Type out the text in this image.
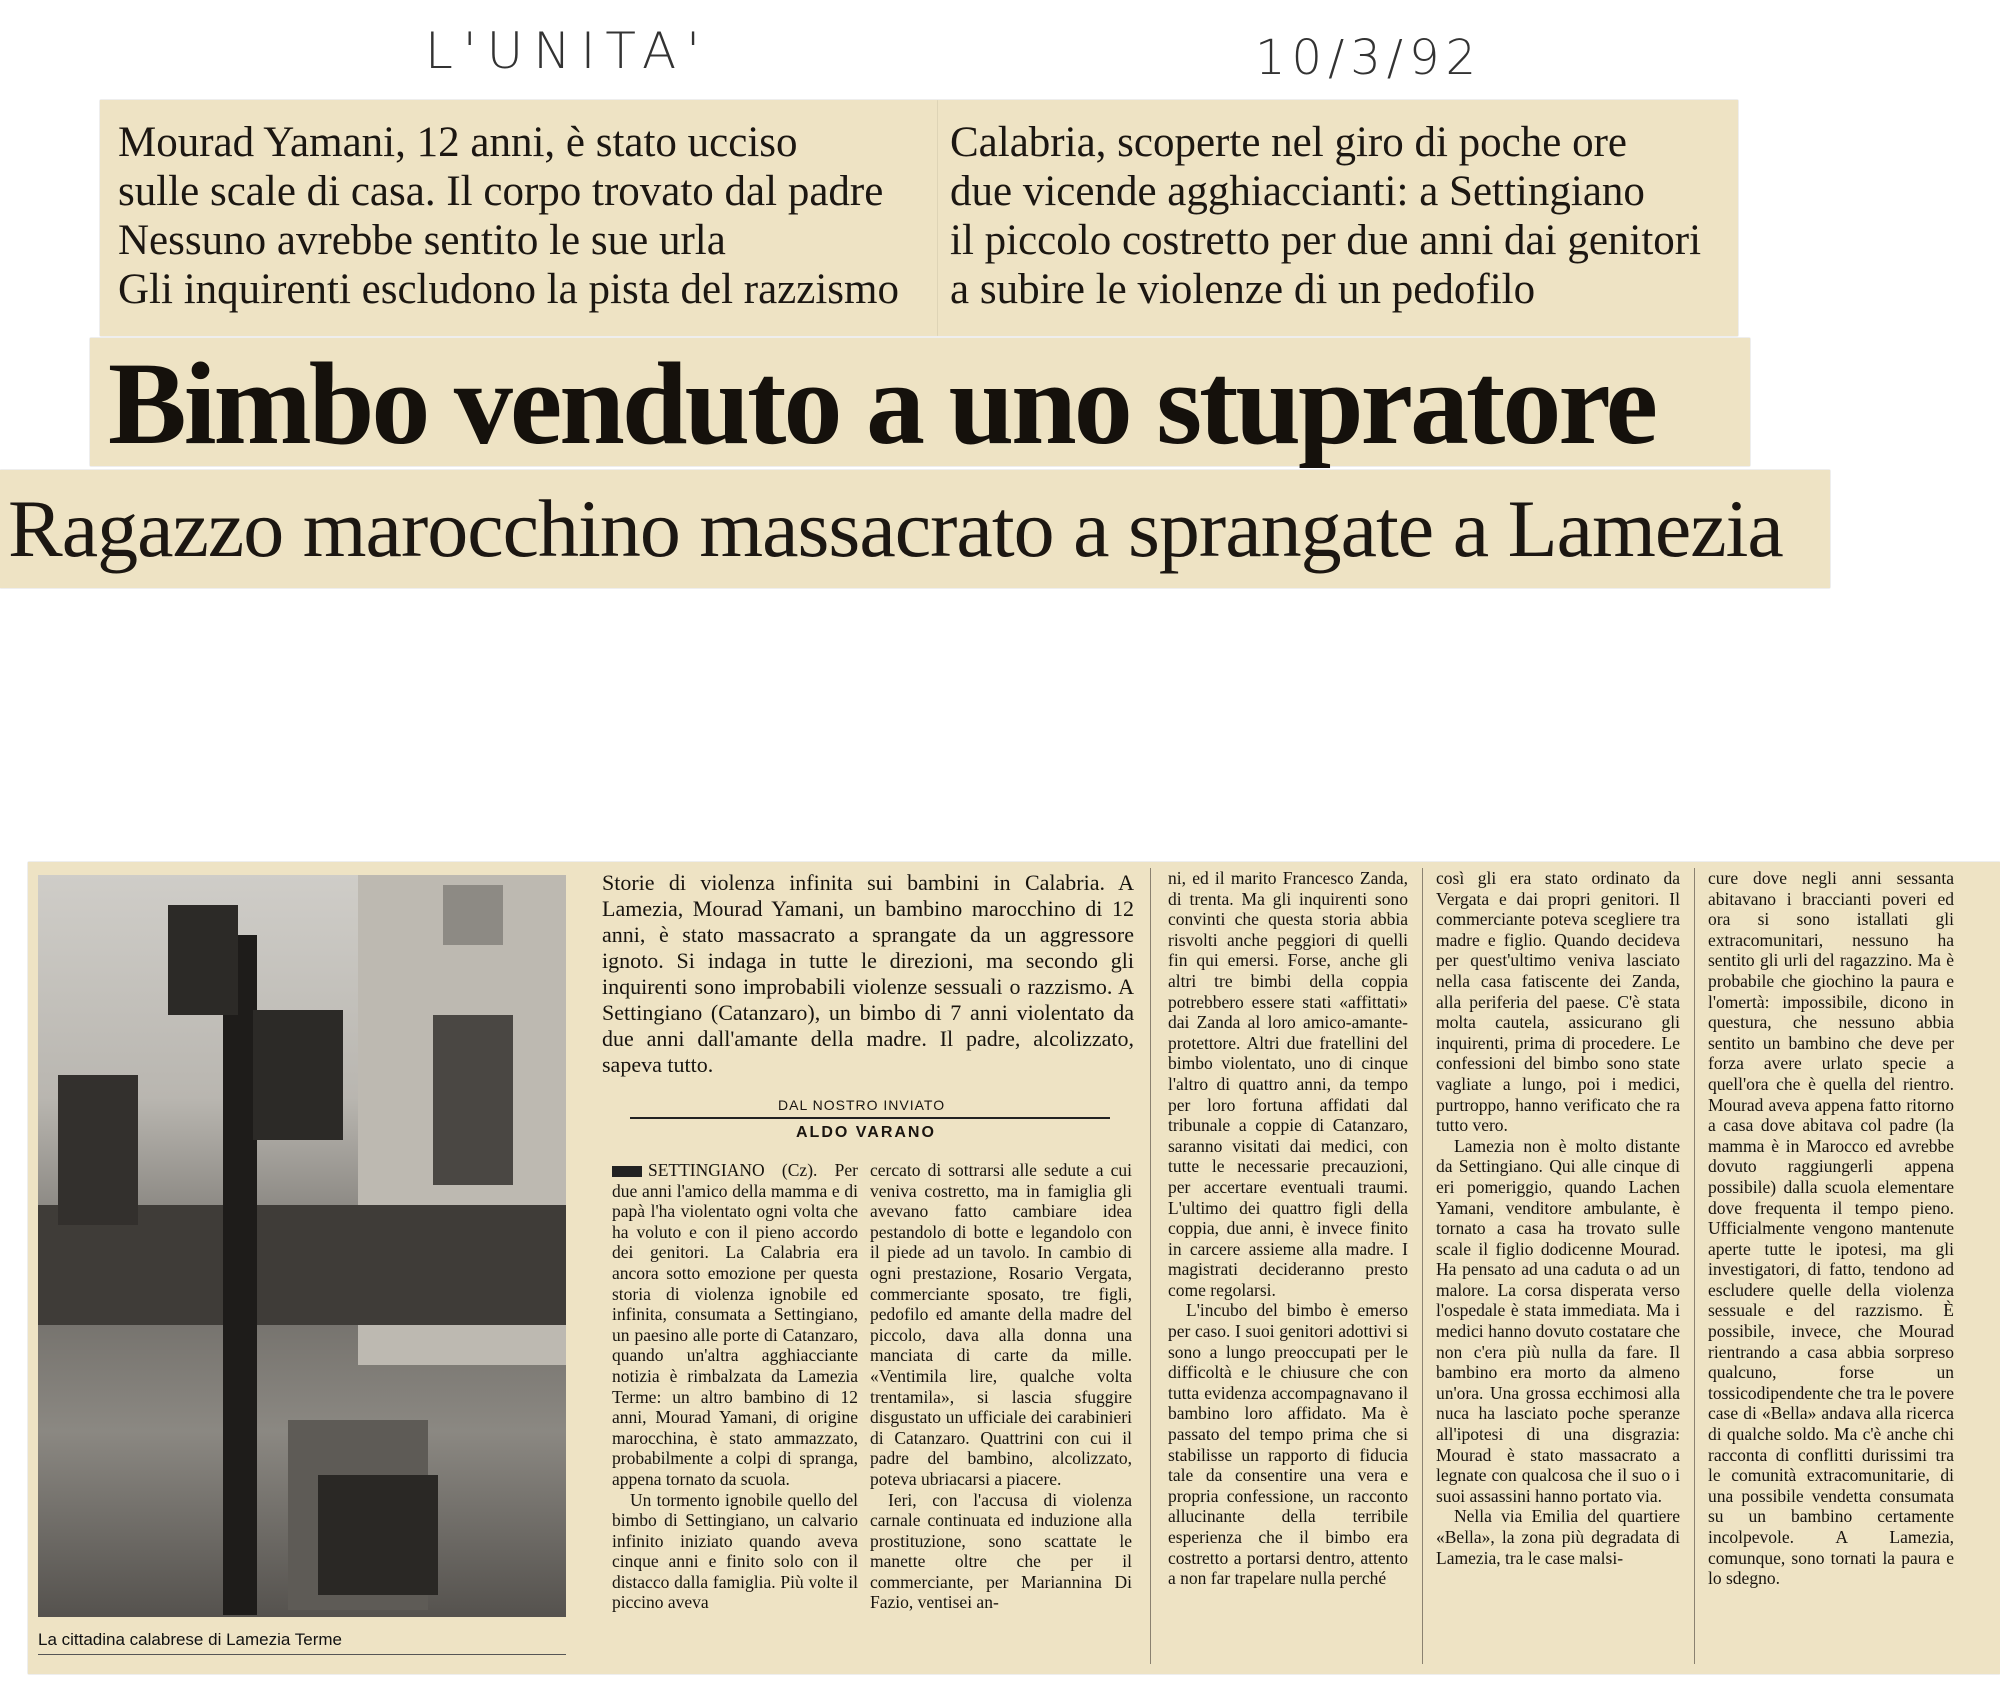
L'UNITA'	10/3/92
Mourad Yamani, 12 anni, è stato ucciso
sulle scale di casa. Il corpo trovato dal padre
Nessuno avrebbe sentito le sue urla
Gli inquirenti escludono la pista del razzismo
Calabria, scoperte nel giro di poche ore
due vicende agghiaccianti: a Settingiano
il piccolo costretto per due anni dai genitori
a subire le violenze di un pedofilo
Bimbo venduto a uno stupratore
Ragazzo marocchino massacrato a sprangate a Lamezia
La cittadina calabrese di Lamezia Terme
Storie di violenza infinita sui bambini in Calabria. A Lamezia, Mourad Yamani, un bambino marocchino di 12 anni, è stato massacrato a sprangate da un aggressore ignoto. Si indaga in tutte le direzioni, ma secondo gli inquirenti sono improbabili violenze sessuali o razzismo. A Settingiano (Catanzaro), un bimbo di 7 anni violentato da due anni dall'amante della madre. Il padre, alcolizzato, sapeva tutto.
DAL NOSTRO INVIATO
ALDO VARANO

SETTINGIANO (Cz). Per due anni l'amico della mamma e di papà l'ha violentato ogni volta che ha voluto e con il pieno accordo dei genitori. La Calabria era ancora sotto emozione per questa storia di violenza ignobile ed infinita, consumata a Settingiano, un paesino alle porte di Catanzaro, quando un'altra agghiacciante notizia è rimbalzata da Lamezia Terme: un altro bambino di 12 anni, Mourad Yamani, di origine marocchina, è stato ammazzato, probabilmente a colpi di spranga, appena tornato da scuola.

Un tormento ignobile quello del bimbo di Settingiano, un calvario infinito iniziato quando aveva cinque anni e finito solo con il distacco dalla famiglia. Più volte il piccino aveva

cercato di sottrarsi alle sedute a cui veniva costretto, ma in famiglia gli avevano fatto cambiare idea pestandolo di botte e legandolo con il piede ad un tavolo. In cambio di ogni prestazione, Rosario Vergata, commerciante sposato, tre figli, pedofilo ed amante della madre del piccolo, dava alla donna una manciata di carte da mille. «Ventimila lire, qualche volta trentamila», si lascia sfuggire disgustato un ufficiale dei carabinieri di Catanzaro. Quattrini con cui il padre del bambino, alcolizzato, poteva ubriacarsi a piacere.

Ieri, con l'accusa di violenza carnale continuata ed induzione alla prostituzione, sono scattate le manette oltre che per il commerciante, per Mariannina Di Fazio, ventisei an-

ni, ed il marito Francesco Zanda, di trenta. Ma gli inquirenti sono convinti che questa storia abbia risvolti anche peggiori di quelli fin qui emersi. Forse, anche gli altri tre bimbi della coppia potrebbero essere stati «affittati» dai Zanda al loro amico-amante-protettore. Altri due fratellini del bimbo violentato, uno di cinque l'altro di quattro anni, da tempo per loro fortuna affidati dal tribunale a coppie di Catanzaro, saranno visitati dai medici, con tutte le necessarie precauzioni, per accertare eventuali traumi. L'ultimo dei quattro figli della coppia, due anni, è invece finito in carcere assieme alla madre. I magistrati decideranno presto come regolarsi.

L'incubo del bimbo è emerso per caso. I suoi genitori adottivi si sono a lungo preoccupati per le difficoltà e le chiusure che con tutta evidenza accompagnavano il bambino loro affidato. Ma è passato del tempo prima che si stabilisse un rapporto di fiducia tale da consentire una vera e propria confessione, un racconto allucinante della terribile esperienza che il bimbo era costretto a portarsi dentro, attento a non far trapelare nulla perché

così gli era stato ordinato da Vergata e dai propri genitori. Il commerciante poteva scegliere tra madre e figlio. Quando decideva per quest'ultimo veniva lasciato nella casa fatiscente dei Zanda, alla periferia del paese. C'è stata molta cautela, assicurano gli inquirenti, prima di procedere. Le confessioni del bimbo sono state vagliate a lungo, poi i medici, purtroppo, hanno verificato che ra tutto vero.

Lamezia non è molto distante da Settingiano. Qui alle cinque di eri pomeriggio, quando Lachen Yamani, venditore ambulante, è tornato a casa ha trovato sulle scale il figlio dodicenne Mourad. Ha pensato ad una caduta o ad un malore. La corsa disperata verso l'ospedale è stata immediata. Ma i medici hanno dovuto costatare che non c'era più nulla da fare. Il bambino era morto da almeno un'ora. Una grossa ecchimosi alla nuca ha lasciato poche speranze all'ipotesi di una disgrazia: Mourad è stato massacrato a legnate con qualcosa che il suo o i suoi assassini hanno portato via.

Nella via Emilia del quartiere «Bella», la zona più degradata di Lamezia, tra le case malsi-

cure dove negli anni sessanta abitavano i braccianti poveri ed ora si sono istallati gli extracomunitari, nessuno ha sentito gli urli del ragazzino. Ma è probabile che giochino la paura e l'omertà: impossibile, dicono in questura, che nessuno abbia sentito un bambino che deve per forza avere urlato specie a quell'ora che è quella del rientro. Mourad aveva appena fatto ritorno a casa dove abitava col padre (la mamma è in Marocco ed avrebbe dovuto raggiungerli appena possibile) dalla scuola elementare dove frequenta il tempo pieno. Ufficialmente vengono mantenute aperte tutte le ipotesi, ma gli investigatori, di fatto, tendono ad escludere quelle della violenza sessuale e del razzismo. È possibile, invece, che Mourad rientrando a casa abbia sorpreso qualcuno, forse un tossicodipendente che tra le povere case di «Bella» andava alla ricerca di qualche soldo. Ma c'è anche chi racconta di conflitti durissimi tra le comunità extracomunitarie, di una possibile vendetta consumata su un bambino certamente incolpevole. A Lamezia, comunque, sono tornati la paura e lo sdegno.
